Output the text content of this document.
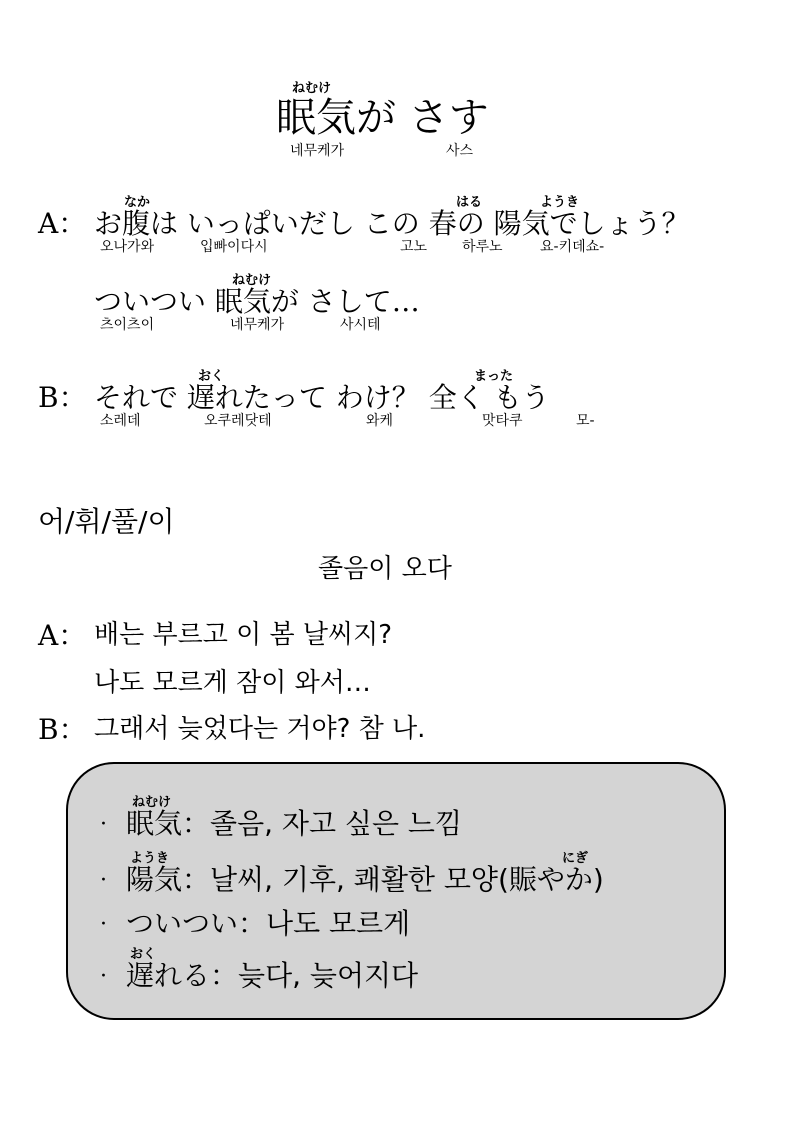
ねむけ
眠気が さす
네무케가	사스
なか	はる	ようき
A： お腹は いっぱいだし この 春の 陽気でしょう？
오나가와	입빠이다시	고노 하루노	요-키데쇼-
ねむけ
ついつい 眠気が さして…
츠이츠이	네무케가	사시테
おく	まった
B： それで 遅れたって わけ？ 全く もう
소레데	오쿠레닷테	와케	맛타쿠	모-
어/휘/풀/이
졸음이 오다
A： 배는 부르고 이 봄 날씨지?
나도 모르게 잠이 와서…
B： 그래서 늦었다는 거야? 참 나.
ねむけ
· 眠気：졸음, 자고 싶은 느낌
ようき	にぎ
· 陽気：날씨, 기후, 쾌활한 모양(賑やか)
· ついつい：나도 모르게
おく
· 遅れる：늦다, 늦어지다
